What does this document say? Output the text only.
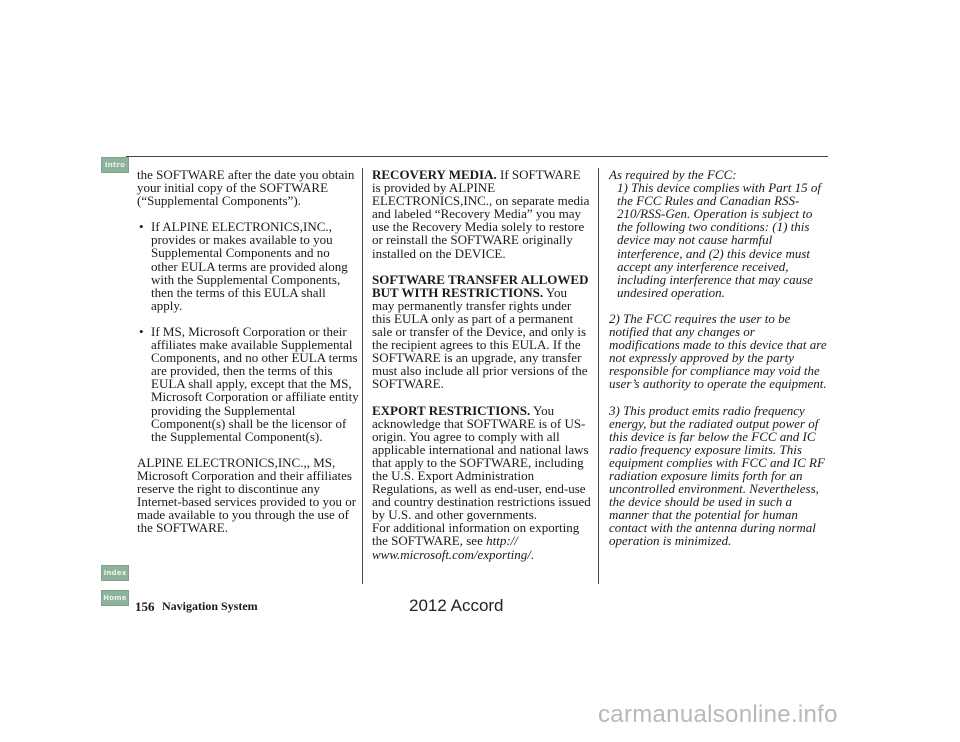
Intro
Index
Home

the SOFTWARE after the date you obtain your initial copy of the SOFTWARE (“Supplemental Components”).

• If ALPINE ELECTRONICS,INC., provides or makes available to you Supplemental Components and no other EULA terms are provided along with the Supplemental Components, then the terms of this EULA shall apply.
• If MS, Microsoft Corporation or their affiliates make available Supplemental Components, and no other EULA terms are provided, then the terms of this EULA shall apply, except that the MS, Microsoft Corporation or affiliate entity providing the Supplemental Component(s) shall be the licensor of the Supplemental Component(s).

ALPINE ELECTRONICS,INC.,, MS, Microsoft Corporation and their affiliates reserve the right to discontinue any Internet-based services provided to you or made available to you through the use of the SOFTWARE.

RECOVERY MEDIA. If SOFTWARE is provided by ALPINE ELECTRONICS,INC., on separate media and labeled “Recovery Media” you may use the Recovery Media solely to restore or reinstall the SOFTWARE originally installed on the DEVICE.

SOFTWARE TRANSFER ALLOWED BUT WITH RESTRICTIONS. You may permanently transfer rights under this EULA only as part of a permanent sale or transfer of the Device, and only is the recipient agrees to this EULA. If the SOFTWARE is an upgrade, any transfer must also include all prior versions of the SOFTWARE.

EXPORT RESTRICTIONS. You acknowledge that SOFTWARE is of US-origin. You agree to comply with all applicable international and national laws that apply to the SOFTWARE, including the U.S. Export Administration Regulations, as well as end-user, end-use and country destination restrictions issued by U.S. and other governments.

For additional information on exporting the SOFTWARE, see http:// www.microsoft.com/exporting/.

As required by the FCC:

1) This device complies with Part 15 of the FCC Rules and Canadian RSS-210/RSS-Gen. Operation is subject to the following two conditions: (1) this device may not cause harmful interference, and (2) this device must accept any interference received, including interference that may cause undesired operation.

2) The FCC requires the user to be notified that any changes or modifications made to this device that are not expressly approved by the party responsible for compliance may void the user’s authority to operate the equipment.

3) This product emits radio frequency energy, but the radiated output power of this device is far below the FCC and IC radio frequency exposure limits. This equipment complies with FCC and IC RF radiation exposure limits forth for an uncontrolled environment. Nevertheless, the device should be used in such a manner that the potential for human contact with the antenna during normal operation is minimized.

156 Navigation System	2012 Accord
carmanualsonline.info
